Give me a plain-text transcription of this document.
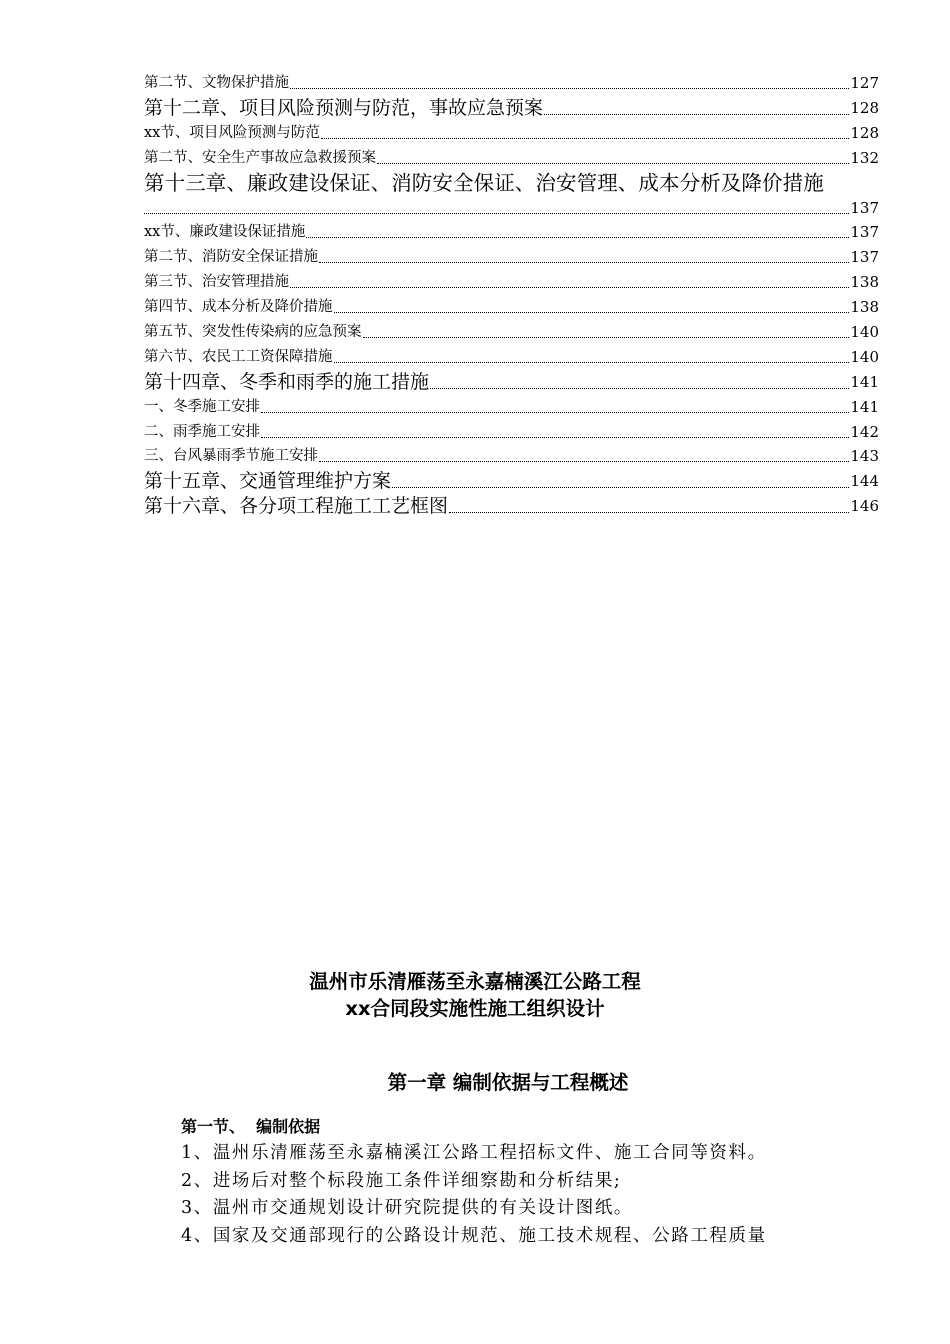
第二节、文物保护措施	127
第十二章、项目风险预测与防范，事故应急预案	128
xx节、项目风险预测与防范	128
第二节、安全生产事故应急救援预案	132
第十三章、廉政建设保证、消防安全保证、治安管理、成本分析及降价措施
137
xx节、廉政建设保证措施	137
第二节、消防安全保证措施	137
第三节、治安管理措施	138
第四节、成本分析及降价措施	138
第五节、突发性传染病的应急预案	140
第六节、农民工工资保障措施	140
第十四章、冬季和雨季的施工措施	141
一、冬季施工安排	141
二、雨季施工安排	142
三、台风暴雨季节施工安排	143
第十五章、交通管理维护方案	144
第十六章、各分项工程施工工艺框图	146
温州市乐清雁荡至永嘉楠溪江公路工程
xx合同段实施性施工组织设计
第一章 编制依据与工程概述
第一节、  编制依据
1、温州乐清雁荡至永嘉楠溪江公路工程招标文件、施工合同等资料。
2、进场后对整个标段施工条件详细察勘和分析结果;
3、温州市交通规划设计研究院提供的有关设计图纸。
4、国家及交通部现行的公路设计规范、施工技术规程、公路工程质量
